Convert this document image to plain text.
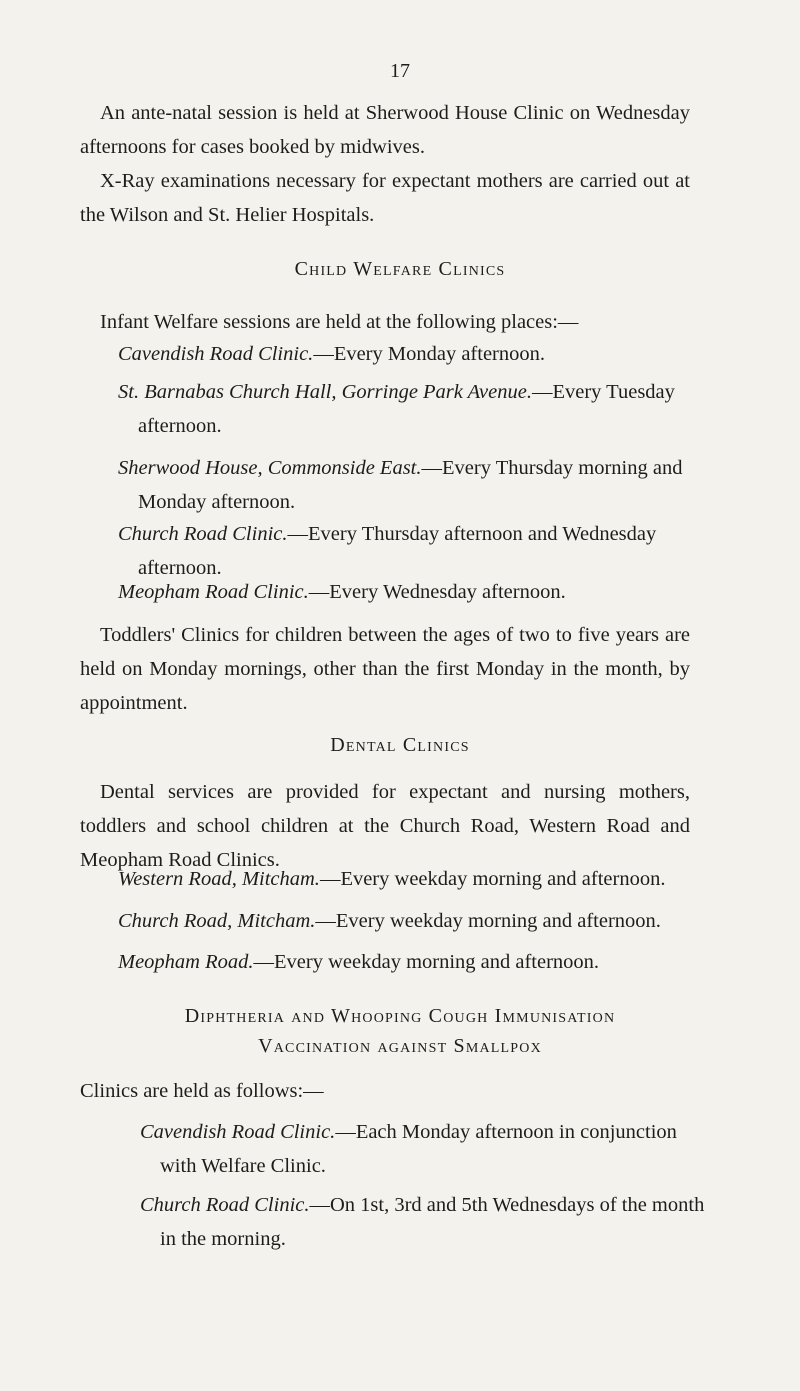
17

An ante-natal session is held at Sherwood House Clinic on Wednesday afternoons for cases booked by midwives.

X-Ray examinations necessary for expectant mothers are carried out at the Wilson and St. Helier Hospitals.

Child Welfare Clinics

Infant Welfare sessions are held at the following places:—

Cavendish Road Clinic.—Every Monday afternoon.
St. Barnabas Church Hall, Gorringe Park Avenue.—Every Tuesday afternoon.
Sherwood House, Commonside East.—Every Thursday morning and Monday afternoon.
Church Road Clinic.—Every Thursday afternoon and Wednesday afternoon.
Meopham Road Clinic.—Every Wednesday afternoon.

Toddlers' Clinics for children between the ages of two to five years are held on Monday mornings, other than the first Monday in the month, by appointment.

Dental Clinics

Dental services are provided for expectant and nursing mothers, toddlers and school children at the Church Road, Western Road and Meopham Road Clinics.

Western Road, Mitcham.—Every weekday morning and afternoon.
Church Road, Mitcham.—Every weekday morning and afternoon.
Meopham Road.—Every weekday morning and afternoon.
Diphtheria and Whooping Cough Immunisation
Vaccination against Smallpox
Clinics are held as follows:—
Cavendish Road Clinic.—Each Monday afternoon in conjunction with Welfare Clinic.
Church Road Clinic.—On 1st, 3rd and 5th Wednesdays of the month in the morning.
